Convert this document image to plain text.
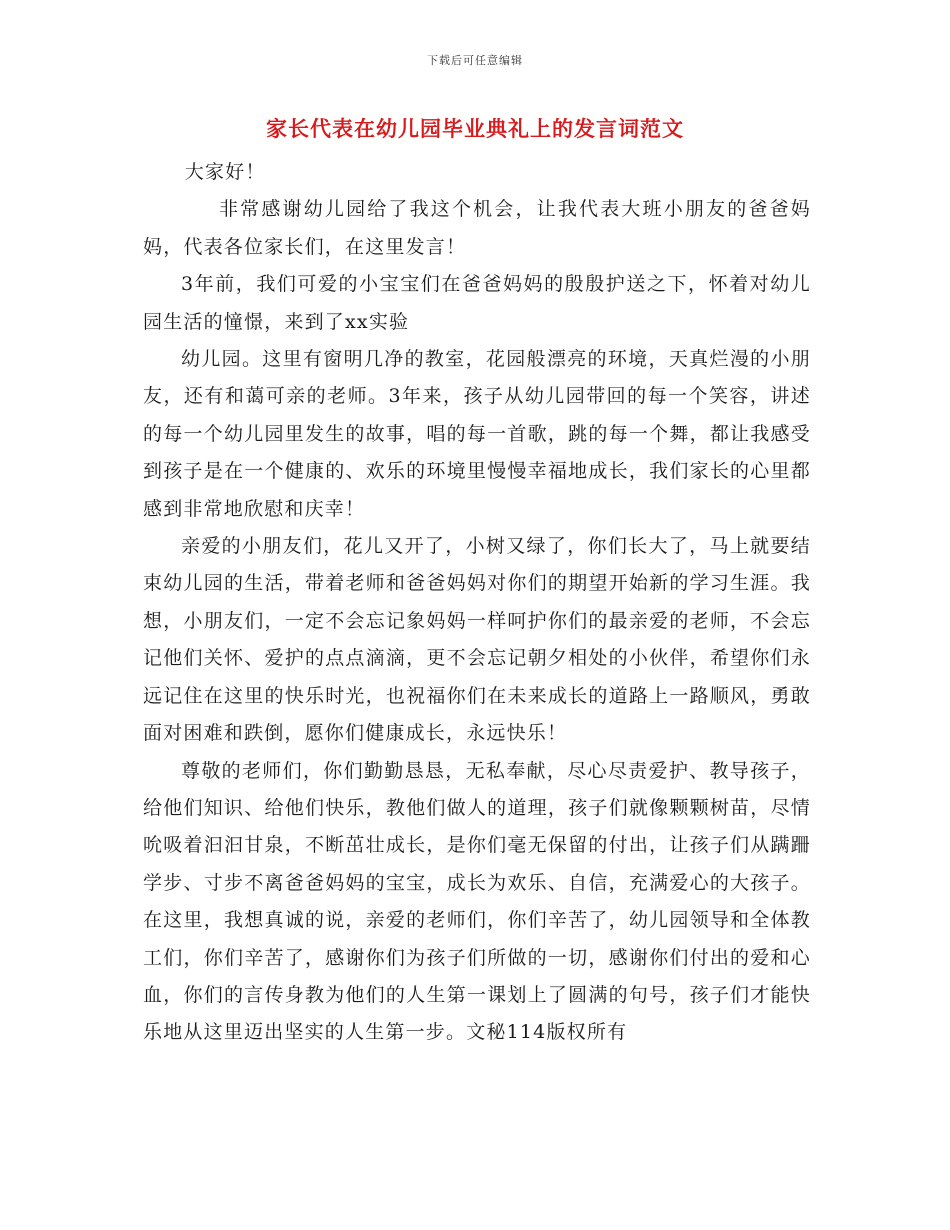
下载后可任意编辑
家长代表在幼儿园毕业典礼上的发言词范文

大家好！

非常感谢幼儿园给了我这个机会，让我代表大班小朋友的爸爸妈妈，代表各位家长们，在这里发言！

3年前，我们可爱的小宝宝们在爸爸妈妈的殷殷护送之下，怀着对幼儿园生活的憧憬，来到了xx实验

幼儿园。这里有窗明几净的教室，花园般漂亮的环境，天真烂漫的小朋友，还有和蔼可亲的老师。3年来，孩子从幼儿园带回的每一个笑容，讲述的每一个幼儿园里发生的故事，唱的每一首歌，跳的每一个舞，都让我感受到孩子是在一个健康的、欢乐的环境里慢慢幸福地成长，我们家长的心里都感到非常地欣慰和庆幸！

亲爱的小朋友们，花儿又开了，小树又绿了，你们长大了，马上就要结束幼儿园的生活，带着老师和爸爸妈妈对你们的期望开始新的学习生涯。我想，小朋友们，一定不会忘记象妈妈一样呵护你们的最亲爱的老师，不会忘记他们关怀、爱护的点点滴滴，更不会忘记朝夕相处的小伙伴，希望你们永远记住在这里的快乐时光，也祝福你们在未来成长的道路上一路顺风，勇敢面对困难和跌倒，愿你们健康成长，永远快乐！

尊敬的老师们，你们勤勤恳恳，无私奉献，尽心尽责爱护、教导孩子，给他们知识、给他们快乐，教他们做人的道理，孩子们就像颗颗树苗，尽情吮吸着汩汩甘泉，不断茁壮成长，是你们毫无保留的付出，让孩子们从蹒跚学步、寸步不离爸爸妈妈的宝宝，成长为欢乐、自信，充满爱心的大孩子。在这里，我想真诚的说，亲爱的老师们，你们辛苦了，幼儿园领导和全体教工们，你们辛苦了，感谢你们为孩子们所做的一切，感谢你们付出的爱和心血，你们的言传身教为他们的人生第一课划上了圆满的句号，孩子们才能快乐地从这里迈出坚实的人生第一步。文秘114版权所有
